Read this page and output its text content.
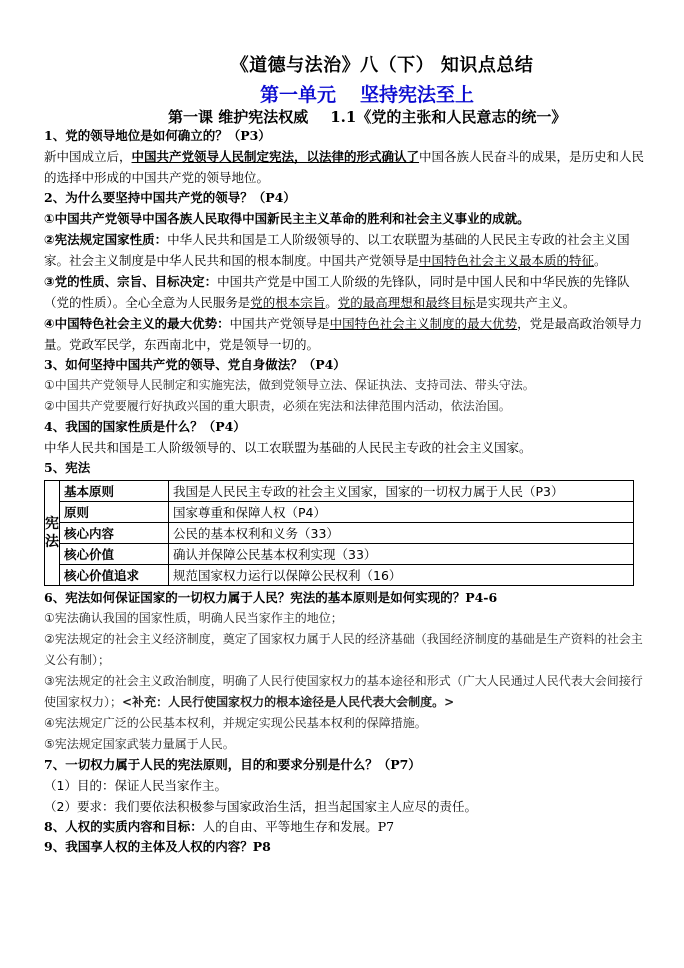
《道德与法治》八（下） 知识点总结
第一单元 坚持宪法至上
第一课 维护宪法权威 1.1《党的主张和人民意志的统一》

1、党的领导地位是如何确立的？（P3）

新中国成立后，中国共产党领导人民制定宪法，以法律的形式确认了中国各族人民奋斗的成果，是历史和人民的选择中形成的中国共产党的领导地位。

2、为什么要坚持中国共产党的领导？（P4）

①中国共产党领导中国各族人民取得中国新民主主义革命的胜利和社会主义事业的成就。

②宪法规定国家性质：中华人民共和国是工人阶级领导的、以工农联盟为基础的人民民主专政的社会主义国家。社会主义制度是中华人民共和国的根本制度。中国共产党领导是中国特色社会主义最本质的特征。

③党的性质、宗旨、目标决定：中国共产党是中国工人阶级的先锋队，同时是中国人民和中华民族的先锋队（党的性质）。全心全意为人民服务是党的根本宗旨。党的最高理想和最终目标是实现共产主义。

④中国特色社会主义的最大优势：中国共产党领导是中国特色社会主义制度的最大优势，党是最高政治领导力量。党政军民学，东西南北中，党是领导一切的。

3、如何坚持中国共产党的领导、党自身做法？（P4）

①中国共产党领导人民制定和实施宪法，做到党领导立法、保证执法、支持司法、带头守法。

②中国共产党要履行好执政兴国的重大职责，必须在宪法和法律范围内活动，依法治国。

4、我国的国家性质是什么？（P4）

中华人民共和国是工人阶级领导的、以工农联盟为基础的人民民主专政的社会主义国家。

5、宪法

宪法	基本原则	我国是人民民主专政的社会主义国家，国家的一切权力属于人民（P3）
	原则	国家尊重和保障人权（P4）
	核心内容	公民的基本权利和义务（33）
	核心价值	确认并保障公民基本权利实现（33）
	核心价值追求	规范国家权力运行以保障公民权利（16）

6、宪法如何保证国家的一切权力属于人民？宪法的基本原则是如何实现的？P4-6

①宪法确认我国的国家性质，明确人民当家作主的地位；

②宪法规定的社会主义经济制度，奠定了国家权力属于人民的经济基础（我国经济制度的基础是生产资料的社会主义公有制）；

③宪法规定的社会主义政治制度，明确了人民行使国家权力的基本途径和形式（广大人民通过人民代表大会间接行使国家权力）；<补充：人民行使国家权力的根本途径是人民代表大会制度。>

④宪法规定广泛的公民基本权利，并规定实现公民基本权利的保障措施。

⑤宪法规定国家武装力量属于人民。

7、一切权力属于人民的宪法原则，目的和要求分别是什么？（P7）

（1）目的：保证人民当家作主。

（2）要求：我们要依法积极参与国家政治生活，担当起国家主人应尽的责任。

8、人权的实质内容和目标：人的自由、平等地生存和发展。P7

9、我国享人权的主体及人权的内容？P8
